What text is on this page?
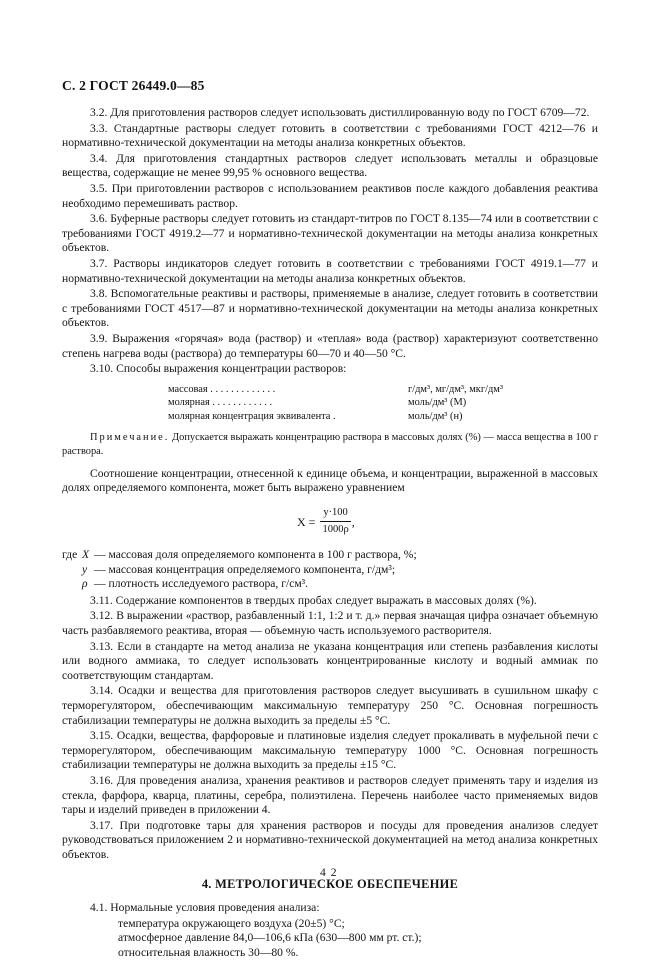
С. 2 ГОСТ 26449.0—85

3.2. Для приготовления растворов следует использовать дистиллированную воду по ГОСТ 6709—72.

3.3. Стандартные растворы следует готовить в соответствии с требованиями ГОСТ 4212—76 и нормативно-технической документации на методы анализа конкретных объектов.

3.4. Для приготовления стандартных растворов следует использовать металлы и образцовые вещества, содержащие не менее 99,95 % основного вещества.

3.5. При приготовлении растворов с использованием реактивов после каждого добавления реактива необходимо перемешивать раствор.

3.6. Буферные растворы следует готовить из стандарт-титров по ГОСТ 8.135—74 или в соответствии с требованиями ГОСТ 4919.2—77 и нормативно-технической документации на методы анализа конкретных объектов.

3.7. Растворы индикаторов следует готовить в соответствии с требованиями ГОСТ 4919.1—77 и нормативно-технической документации на методы анализа конкретных объектов.

3.8. Вспомогательные реактивы и растворы, применяемые в анализе, следует готовить в соответствии с требованиями ГОСТ 4517—87 и нормативно-технической документации на методы анализа конкретных объектов.

3.9. Выражения «горячая» вода (раствор) и «теплая» вода (раствор) характеризуют соответственно степень нагрева воды (раствора) до температуры 60—70 и 40—50 °С.

3.10. Способы выражения концентрации растворов:

массовая . . . . . . . . . . . . .	г/дм³, мг/дм³, мкг/дм³
молярная . . . . . . . . . . . .	моль/дм³ (М)
молярная концентрация эквивалента .	моль/дм³ (н)

Примечание. Допускается выражать концентрацию раствора в массовых долях (%) — масса вещества в 100 г раствора.

Соотношение концентрации, отнесенной к единице объема, и концентрации, выраженной в массовых долях определяемого компонента, может быть выражено уравнением

$X = \frac{y\cdot 100}{1000\rho}$ ,
где X — массовая доля определяемого компонента в 100 г раствора, %;
y — массовая концентрация определяемого компонента, г/дм³;
ρ — плотность исследуемого раствора, г/см³.

3.11. Содержание компонентов в твердых пробах следует выражать в массовых долях (%).

3.12. В выражении «раствор, разбавленный 1:1, 1:2 и т. д.» первая значащая цифра означает объемную часть разбавляемого реактива, вторая — объемную часть используемого растворителя.

3.13. Если в стандарте на метод анализа не указана концентрация или степень разбавления кислоты или водного аммиака, то следует использовать концентрированные кислоту и водный аммиак по соответствующим стандартам.

3.14. Осадки и вещества для приготовления растворов следует высушивать в сушильном шкафу с терморегулятором, обеспечивающим максимальную температуру 250 °С. Основная погрешность стабилизации температуры не должна выходить за пределы ±5 °С.

3.15. Осадки, вещества, фарфоровые и платиновые изделия следует прокаливать в муфельной печи с терморегулятором, обеспечивающим максимальную температуру 1000 °С. Основная погрешность стабилизации температуры не должна выходить за пределы ±15 °С.

3.16. Для проведения анализа, хранения реактивов и растворов следует применять тару и изделия из стекла, фарфора, кварца, платины, серебра, полиэтилена. Перечень наиболее часто применяемых видов тары и изделий приведен в приложении 4.

3.17. При подготовке тары для хранения растворов и посуды для проведения анализов следует руководствоваться приложением 2 и нормативно-технической документацией на метод анализа конкретных объектов.

4. МЕТРОЛОГИЧЕСКОЕ ОБЕСПЕЧЕНИЕ

4.1. Нормальные условия проведения анализа:

температура окружающего воздуха (20±5) °С;

атмосферное давление 84,0—106,6 кПа (630—800 мм рт. ст.);

относительная влажность 30—80 %.

4 2
